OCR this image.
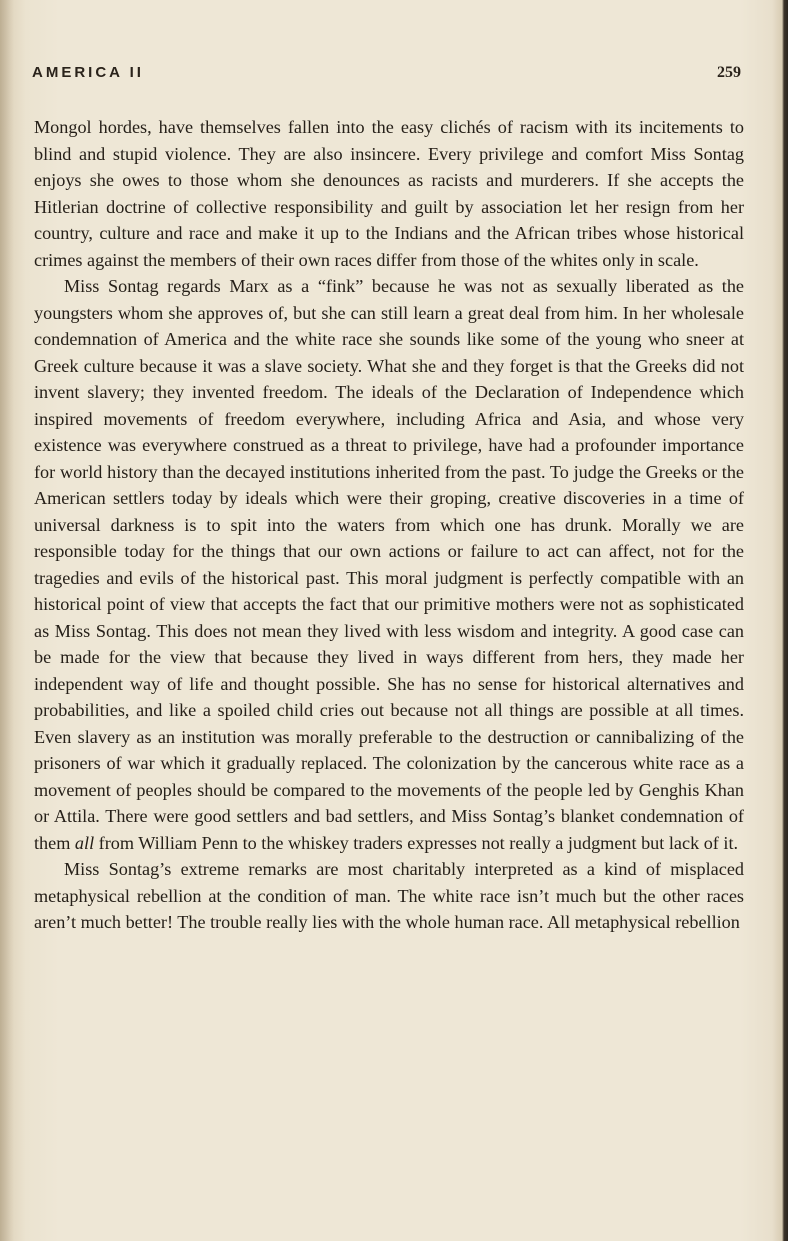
AMERICA II	259

Mongol hordes, have themselves fallen into the easy clichés of racism with its incitements to blind and stupid violence. They are also insincere. Every privilege and comfort Miss Sontag enjoys she owes to those whom she denounces as racists and murderers. If she accepts the Hitlerian doctrine of collective responsibility and guilt by association let her resign from her country, culture and race and make it up to the Indians and the African tribes whose historical crimes against the members of their own races differ from those of the whites only in scale.

Miss Sontag regards Marx as a “fink” because he was not as sexually liberated as the youngsters whom she approves of, but she can still learn a great deal from him. In her wholesale condemnation of America and the white race she sounds like some of the young who sneer at Greek culture because it was a slave society. What she and they forget is that the Greeks did not invent slavery; they invented freedom. The ideals of the Declaration of Independence which inspired movements of freedom everywhere, including Africa and Asia, and whose very existence was everywhere construed as a threat to privilege, have had a profounder importance for world history than the decayed institutions inherited from the past. To judge the Greeks or the American settlers today by ideals which were their groping, creative discoveries in a time of universal darkness is to spit into the waters from which one has drunk. Morally we are responsible today for the things that our own actions or failure to act can affect, not for the tragedies and evils of the historical past. This moral judgment is perfectly compatible with an historical point of view that accepts the fact that our primitive mothers were not as sophisticated as Miss Sontag. This does not mean they lived with less wisdom and integrity. A good case can be made for the view that because they lived in ways different from hers, they made her independent way of life and thought possible. She has no sense for historical alternatives and probabilities, and like a spoiled child cries out because not all things are possible at all times. Even slavery as an institution was morally preferable to the destruction or cannibalizing of the prisoners of war which it gradually replaced. The colonization by the cancerous white race as a movement of peoples should be compared to the movements of the people led by Genghis Khan or Attila. There were good settlers and bad settlers, and Miss Sontag’s blanket condemnation of them all from William Penn to the whiskey traders expresses not really a judgment but lack of it.

Miss Sontag’s extreme remarks are most charitably interpreted as a kind of misplaced metaphysical rebellion at the condition of man. The white race isn’t much but the other races aren’t much better! The trouble really lies with the whole human race. All metaphysical rebellion
